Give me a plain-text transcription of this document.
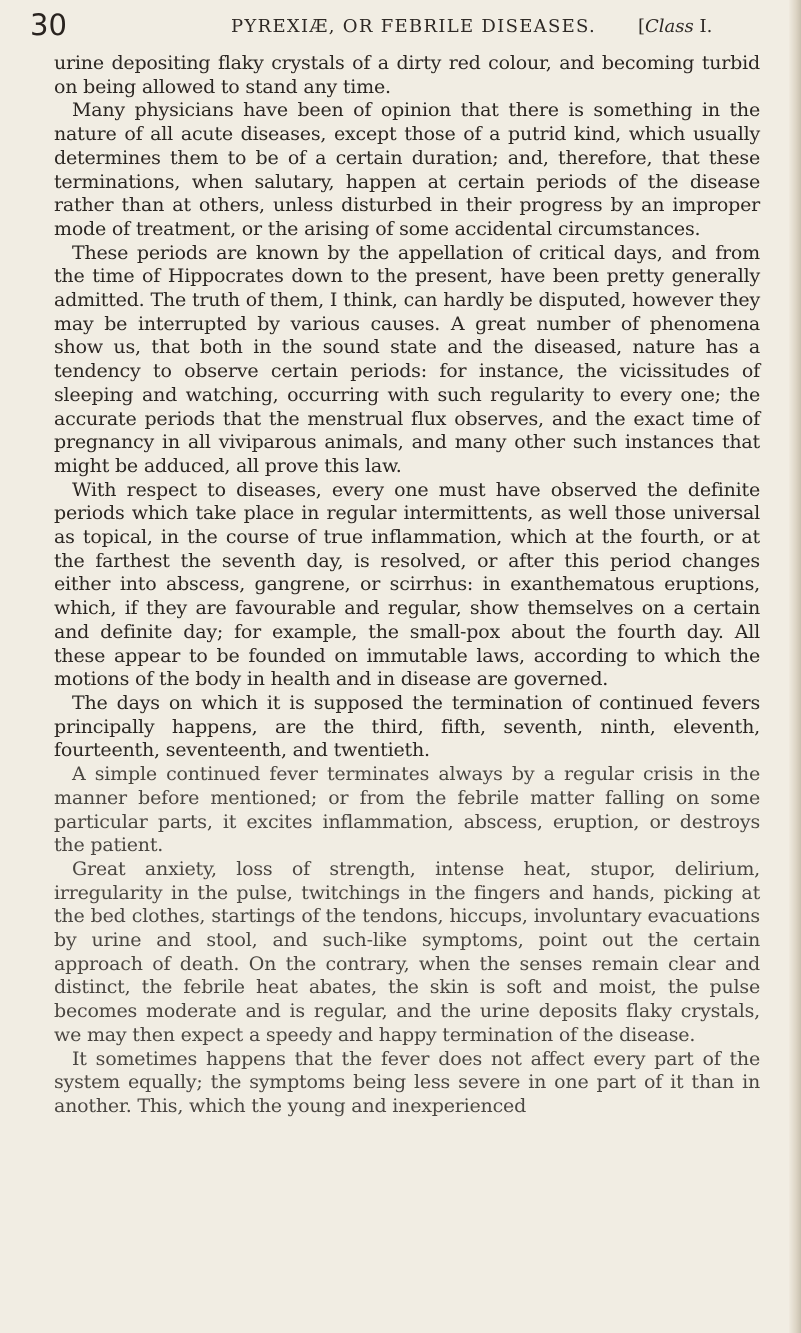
30	PYREXIÆ, OR FEBRILE DISEASES. [Class I.

urine depositing flaky crystals of a dirty red colour, and becoming turbid on being allowed to stand any time.

Many physicians have been of opinion that there is something in the nature of all acute diseases, except those of a putrid kind, which usually determines them to be of a certain duration; and, therefore, that these terminations, when salutary, happen at certain periods of the disease rather than at others, unless disturbed in their progress by an improper mode of treatment, or the arising of some accidental circumstances.

These periods are known by the appellation of critical days, and from the time of Hippocrates down to the present, have been pretty generally admitted. The truth of them, I think, can hardly be disputed, however they may be interrupted by various causes. A great number of phenomena show us, that both in the sound state and the diseased, nature has a tendency to observe certain periods: for instance, the vicissitudes of sleeping and watching, occurring with such regularity to every one; the accurate periods that the menstrual flux observes, and the exact time of pregnancy in all viviparous animals, and many other such instances that might be adduced, all prove this law.

With respect to diseases, every one must have observed the definite periods which take place in regular intermittents, as well those universal as topical, in the course of true inflammation, which at the fourth, or at the farthest the seventh day, is resolved, or after this period changes either into abscess, gangrene, or scirrhus: in exanthematous eruptions, which, if they are favourable and regular, show themselves on a certain and definite day; for example, the small-pox about the fourth day. All these appear to be founded on immutable laws, according to which the motions of the body in health and in disease are governed.

The days on which it is supposed the termination of continued fevers principally happens, are the third, fifth, seventh, ninth, eleventh, fourteenth, seventeenth, and twentieth.

A simple continued fever terminates always by a regular crisis in the manner before mentioned; or from the febrile matter falling on some particular parts, it excites inflammation, abscess, eruption, or destroys the patient.

Great anxiety, loss of strength, intense heat, stupor, delirium, irregularity in the pulse, twitchings in the fingers and hands, picking at the bed clothes, startings of the tendons, hiccups, involuntary evacuations by urine and stool, and such-like symptoms, point out the certain approach of death. On the contrary, when the senses remain clear and distinct, the febrile heat abates, the skin is soft and moist, the pulse becomes moderate and is regular, and the urine deposits flaky crystals, we may then expect a speedy and happy termination of the disease.

It sometimes happens that the fever does not affect every part of the system equally; the symptoms being less severe in one part of it than in another. This, which the young and inexperienced
